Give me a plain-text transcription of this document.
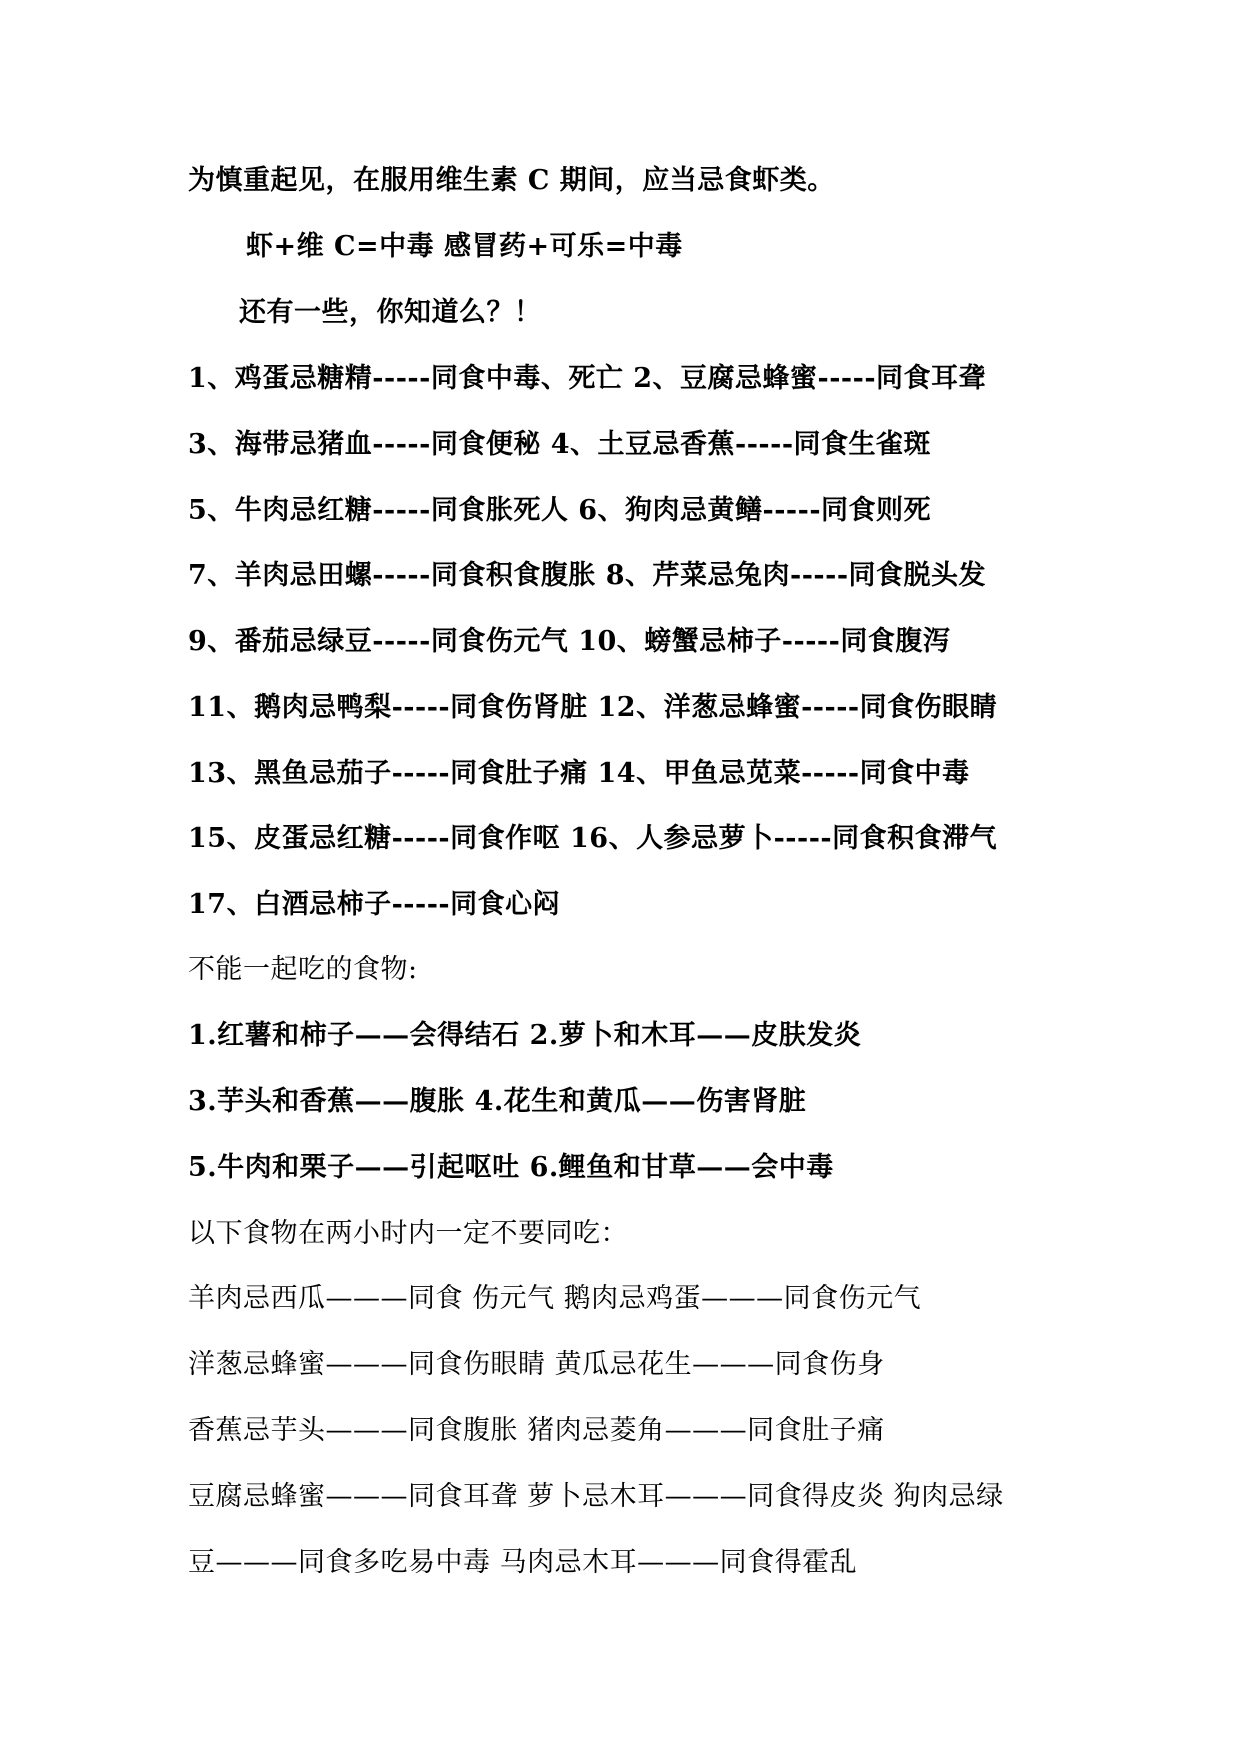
为慎重起见，在服用维生素 C 期间，应当忌食虾类。
虾+维 C=中毒 感冒药+可乐=中毒
还有一些，你知道么？！
1、鸡蛋忌糖精-----同食中毒、死亡 2、豆腐忌蜂蜜-----同食耳聋
3、海带忌猪血-----同食便秘 4、土豆忌香蕉-----同食生雀斑
5、牛肉忌红糖-----同食胀死人 6、狗肉忌黄鳝-----同食则死
7、羊肉忌田螺-----同食积食腹胀 8、芹菜忌兔肉-----同食脱头发
9、番茄忌绿豆-----同食伤元气 10、螃蟹忌柿子-----同食腹泻
11、鹅肉忌鸭梨-----同食伤肾脏 12、洋葱忌蜂蜜-----同食伤眼睛
13、黑鱼忌茄子-----同食肚子痛 14、甲鱼忌苋菜-----同食中毒
15、皮蛋忌红糖-----同食作呕 16、人参忌萝卜-----同食积食滞气
17、白酒忌柿子-----同食心闷
不能一起吃的食物:
1.红薯和柿子——会得结石 2.萝卜和木耳——皮肤发炎
3.芋头和香蕉——腹胀 4.花生和黄瓜——伤害肾脏
5.牛肉和栗子——引起呕吐 6.鲤鱼和甘草——会中毒
以下食物在两小时内一定不要同吃：
羊肉忌西瓜———同食 伤元气 鹅肉忌鸡蛋———同食伤元气
洋葱忌蜂蜜———同食伤眼睛 黄瓜忌花生———同食伤身
香蕉忌芋头———同食腹胀 猪肉忌菱角———同食肚子痛
豆腐忌蜂蜜———同食耳聋 萝卜忌木耳———同食得皮炎 狗肉忌绿
豆———同食多吃易中毒 马肉忌木耳———同食得霍乱
